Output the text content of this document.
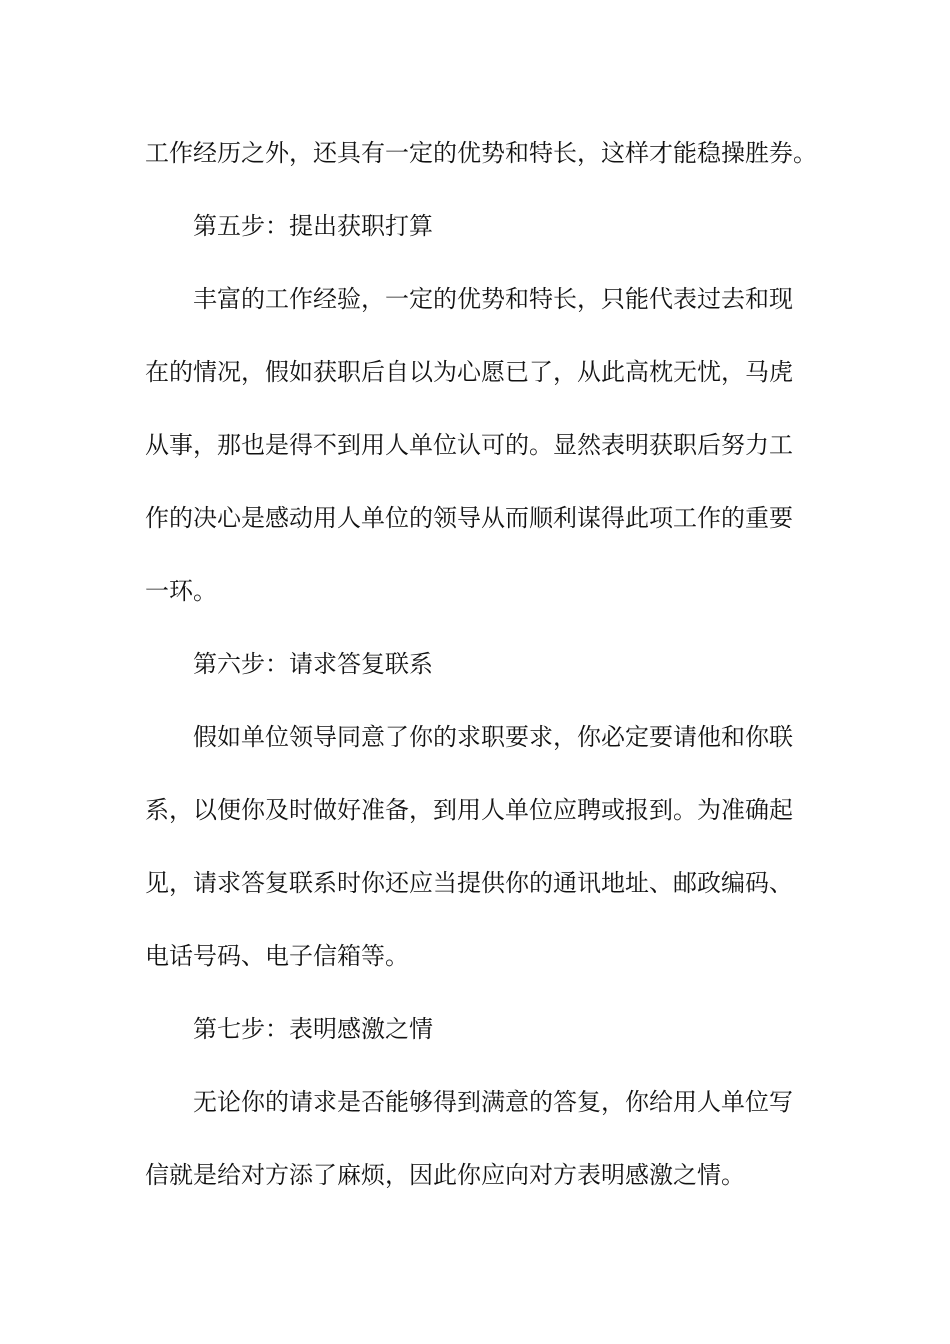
工作经历之外，还具有一定的优势和特长，这样才能稳操胜券。

第五步：提出获职打算

丰富的工作经验，一定的优势和特长，只能代表过去和现

在的情况，假如获职后自以为心愿已了，从此高枕无忧，马虎

从事，那也是得不到用人单位认可的。显然表明获职后努力工

作的决心是感动用人单位的领导从而顺利谋得此项工作的重要

一环。

第六步：请求答复联系

假如单位领导同意了你的求职要求，你必定要请他和你联

系，以便你及时做好准备，到用人单位应聘或报到。为准确起

见，请求答复联系时你还应当提供你的通讯地址、邮政编码、

电话号码、电子信箱等。

第七步：表明感激之情

无论你的请求是否能够得到满意的答复，你给用人单位写

信就是给对方添了麻烦，因此你应向对方表明感激之情。
